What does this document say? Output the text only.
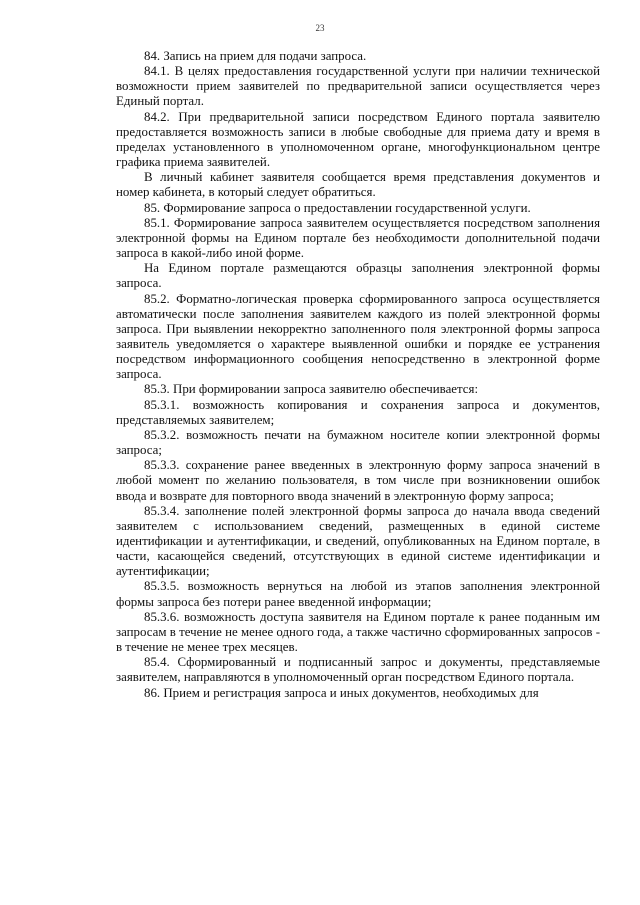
23

84. Запись на прием для подачи запроса.

84.1. В целях предоставления государственной услуги при наличии технической возможности прием заявителей по предварительной записи осуществляется через Единый портал.

84.2. При предварительной записи посредством Единого портала заявителю предоставляется возможность записи в любые свободные для приема дату и время в пределах установленного в уполномоченном органе, многофункциональном центре графика приема заявителей.

В личный кабинет заявителя сообщается время представления документов и номер кабинета, в который следует обратиться.

85. Формирование запроса о предоставлении государственной услуги.

85.1. Формирование запроса заявителем осуществляется посредством заполнения электронной формы на Едином портале без необходимости дополнительной подачи запроса в какой-либо иной форме.

На Едином портале размещаются образцы заполнения электронной формы запроса.

85.2. Форматно-логическая проверка сформированного запроса осуществляется автоматически после заполнения заявителем каждого из полей электронной формы запроса. При выявлении некорректно заполненного поля электронной формы запроса заявитель уведомляется о характере выявленной ошибки и порядке ее устранения посредством информационного сообщения непосредственно в электронной форме запроса.

85.3. При формировании запроса заявителю обеспечивается:

85.3.1. возможность копирования и сохранения запроса и документов, представляемых заявителем;

85.3.2. возможность печати на бумажном носителе копии электронной формы запроса;

85.3.3. сохранение ранее введенных в электронную форму запроса значений в любой момент по желанию пользователя, в том числе при возникновении ошибок ввода и возврате для повторного ввода значений в электронную форму запроса;

85.3.4. заполнение полей электронной формы запроса до начала ввода сведений заявителем с использованием сведений, размещенных в единой системе идентификации и аутентификации, и сведений, опубликованных на Едином портале, в части, касающейся сведений, отсутствующих в единой системе идентификации и аутентификации;

85.3.5. возможность вернуться на любой из этапов заполнения электронной формы запроса без потери ранее введенной информации;

85.3.6. возможность доступа заявителя на Едином портале к ранее поданным им запросам в течение не менее одного года, а также частично сформированных запросов - в течение не менее трех месяцев.

85.4. Сформированный и подписанный запрос и документы, представляемые заявителем, направляются в уполномоченный орган посредством Единого портала.

86. Прием и регистрация запроса и иных документов, необходимых для
